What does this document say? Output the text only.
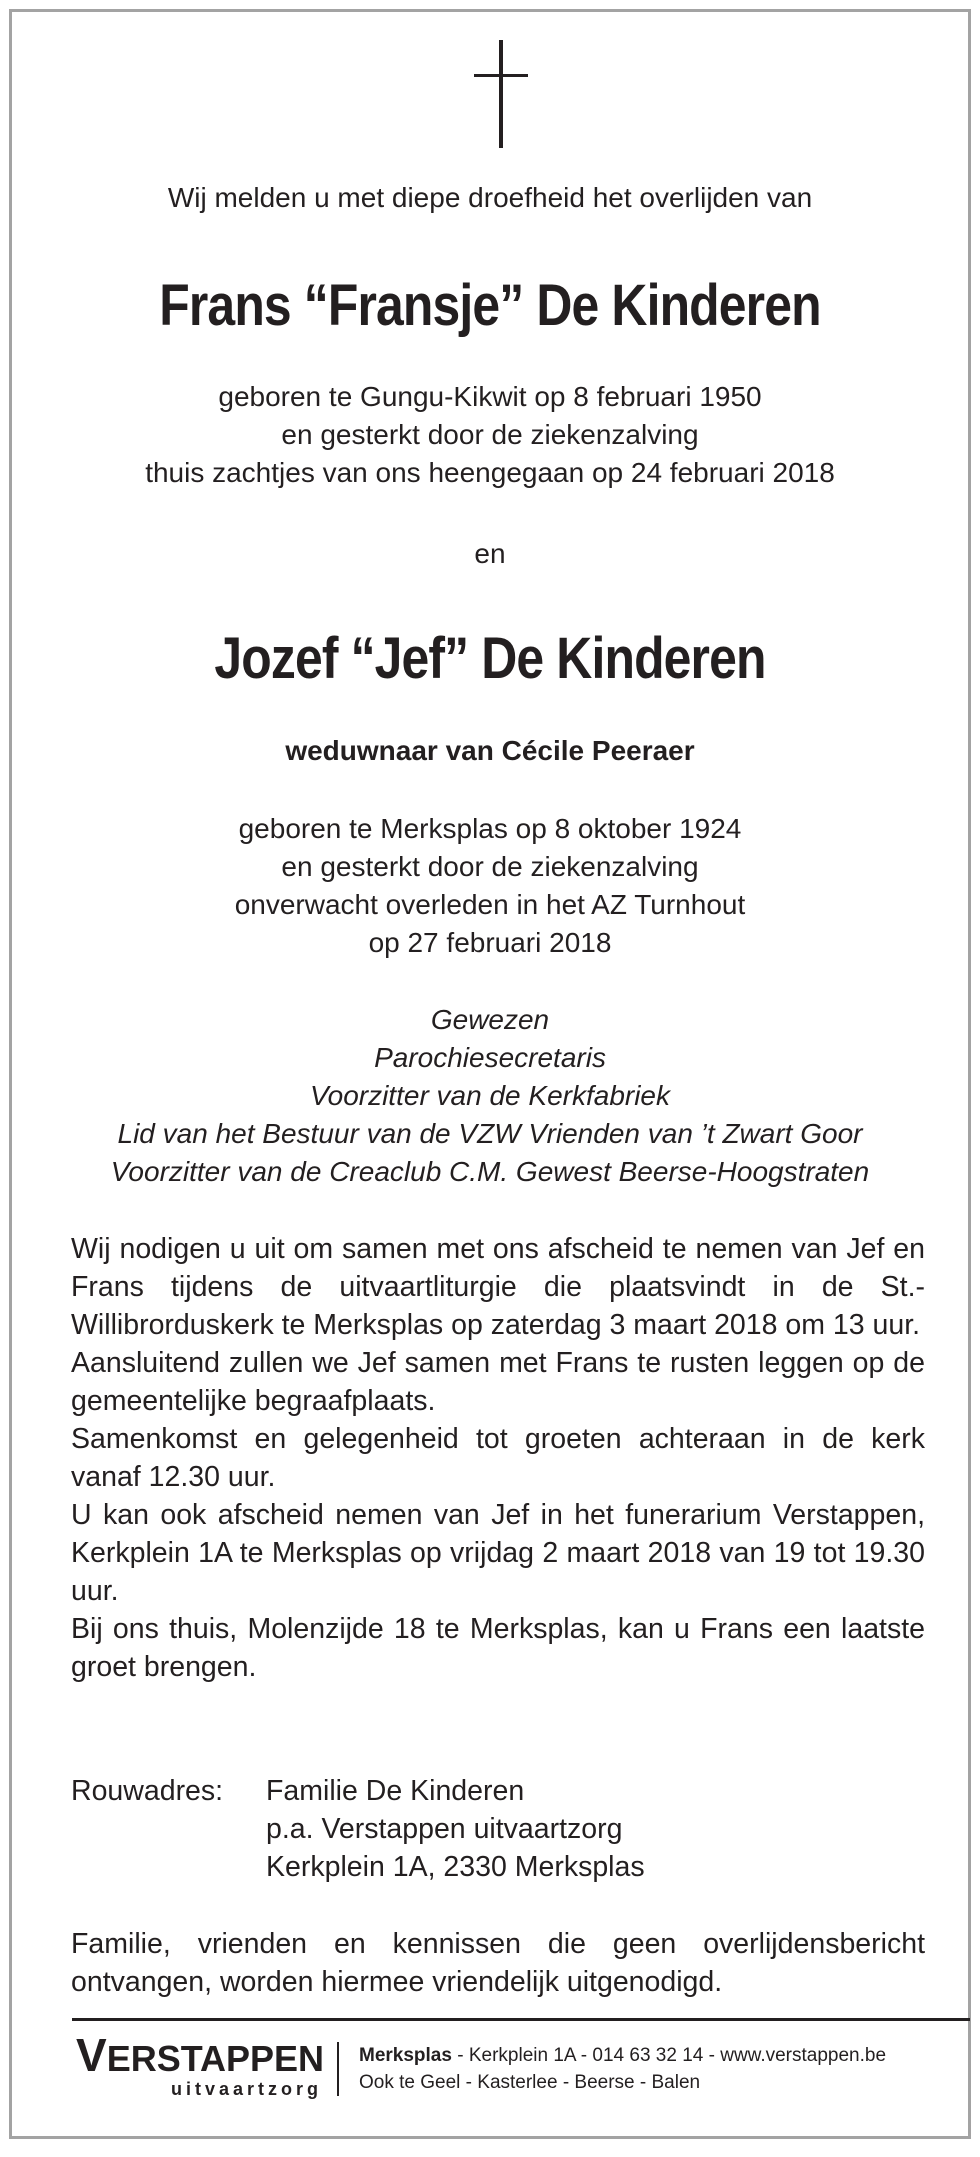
Wij melden u met diepe droefheid het overlijden van
Frans “Fransje” De Kinderen
geboren te Gungu-Kikwit op 8 februari 1950
en gesterkt door de ziekenzalving
thuis zachtjes van ons heengegaan op 24 februari 2018
en
Jozef “Jef” De Kinderen
weduwnaar van Cécile Peeraer
geboren te Merksplas op 8 oktober 1924
en gesterkt door de ziekenzalving
onverwacht overleden in het AZ Turnhout
op 27 februari 2018
Gewezen
Parochiesecretaris
Voorzitter van de Kerkfabriek
Lid van het Bestuur van de VZW Vrienden van ’t Zwart Goor
Voorzitter van de Creaclub C.M. Gewest Beerse-Hoogstraten
Wij nodigen u uit om samen met ons afscheid te nemen van Jef en Frans tijdens de uitvaartliturgie die plaatsvindt in de St.-Willibrorduskerk te Merksplas op zaterdag 3 maart 2018 om 13 uur.
Aansluitend zullen we Jef samen met Frans te rusten leggen op de gemeentelijke begraafplaats.
Samenkomst en gelegenheid tot groeten achteraan in de kerk vanaf 12.30 uur.
U kan ook afscheid nemen van Jef in het funerarium Verstappen, Kerkplein 1A te Merksplas op vrijdag 2 maart 2018 van 19 tot 19.30 uur.
Bij ons thuis, Molenzijde 18 te Merksplas, kan u Frans een laatste groet brengen.
Rouwadres: Familie De Kinderen
p.a. Verstappen uitvaartzorg
Kerkplein 1A, 2330 Merksplas
Familie, vrienden en kennissen die geen overlijdensbericht ontvangen, worden hiermee vriendelijk uitgenodigd.
VERSTAPPEN
uitvaartzorg
Merksplas - Kerkplein 1A - 014 63 32 14 - www.verstappen.be
Ook te Geel - Kasterlee - Beerse - Balen
